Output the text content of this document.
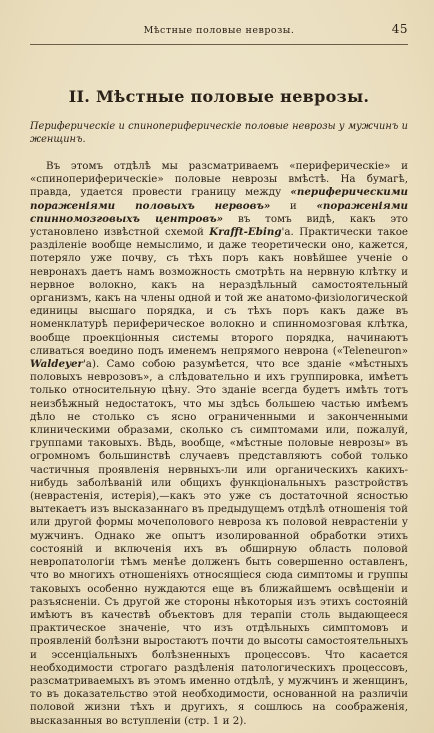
Мѣстные половые неврозы.	45
II. Мѣстные половые неврозы.

Периферическіе и спинопериферическіе половые неврозы у мужчинъ и женщинъ.

Въ этомъ отдѣлѣ мы разсматриваемъ «периферическіе» и «спинопериферическіе» половые неврозы вмѣстѣ. На бумагѣ, правда, удается провести границу между «периферическими пораженіями половыхъ нервовъ» и «пораженіями спинномозговыхъ центровъ» въ томъ видѣ, какъ это установлено извѣстной схемой Krafft-Ebing'а. Практически такое разділеніе вообще немыслимо, и даже теоретически оно, кажется, потеряло уже почву, съ тѣхъ поръ какъ новѣйшее ученіе о невронахъ даетъ намъ возможность смотрѣть на нервную клѣтку и нервное волокно, какъ на нераздѣльный самостоятельный организмъ, какъ на члены одной и той же анатомо-физіологической единицы высшаго порядка, и съ тѣхъ поръ какъ даже въ номенклатурѣ периферическое волокно и спинномозговая клѣтка, вообще проекціонныя системы второго порядка, начинаютъ сливаться воедино подъ именемъ непрямого неврона («Teleneuron» Waldeyer'а). Само собою разумѣется, что все зданіе «мѣстныхъ половыхъ неврозовъ», а слѣдовательно и ихъ группировка, имѣетъ только относительную цѣну. Это зданіе всегда будетъ имѣть тотъ неизбѣжный недостатокъ, что мы здѣсь большею частью имѣемъ дѣло не столько съ ясно ограниченными и законченными клиническими образами, сколько съ симптомами или, пожалуй, группами таковыхъ. Вѣдь, вообще, «мѣстные половые неврозы» въ огромномъ большинствѣ случаевъ представляютъ собой только частичныя проявленія нервныхъ-ли или органическихъ какихъ-нибудь заболѣваній или общихъ функціональныхъ разстройствъ (неврастенія, истерія),—какъ это уже съ достаточной ясностью вытекаетъ изъ высказаннаго въ предыдущемъ отдѣлѣ отношенія той или другой формы мочеполового невроза къ половой неврастеніи у мужчинъ. Однако же опытъ изолированной обработки этихъ состояній и включенія ихъ въ обширную область половой невропатологіи тѣмъ менѣе долженъ быть совершенно оставленъ, что во многихъ отношеніяхъ относящіеся сюда симптомы и группы таковыхъ особенно нуждаются еще въ ближайшемъ освѣщеніи и разъясненіи. Съ другой же стороны нѣкоторыя изъ этихъ состояній имѣютъ въ качествѣ объектовъ для терапіи столь выдающееся практическое значеніе, что изъ отдѣльныхъ симптомовъ и проявленій болѣзни выростаютъ почти до высоты самостоятельныхъ и эссенціальныхъ болѣзненныхъ процессовъ. Что касается необходимости строгаго раздѣленія патологическихъ процессовъ, разсматриваемыхъ въ этомъ именно отдѣлѣ, у мужчинъ и женщинъ, то въ доказательство этой необходимости, основанной на различіи половой жизни тѣхъ и другихъ, я сошлюсь на соображенія, высказанныя во вступленіи (стр. 1 и 2).
